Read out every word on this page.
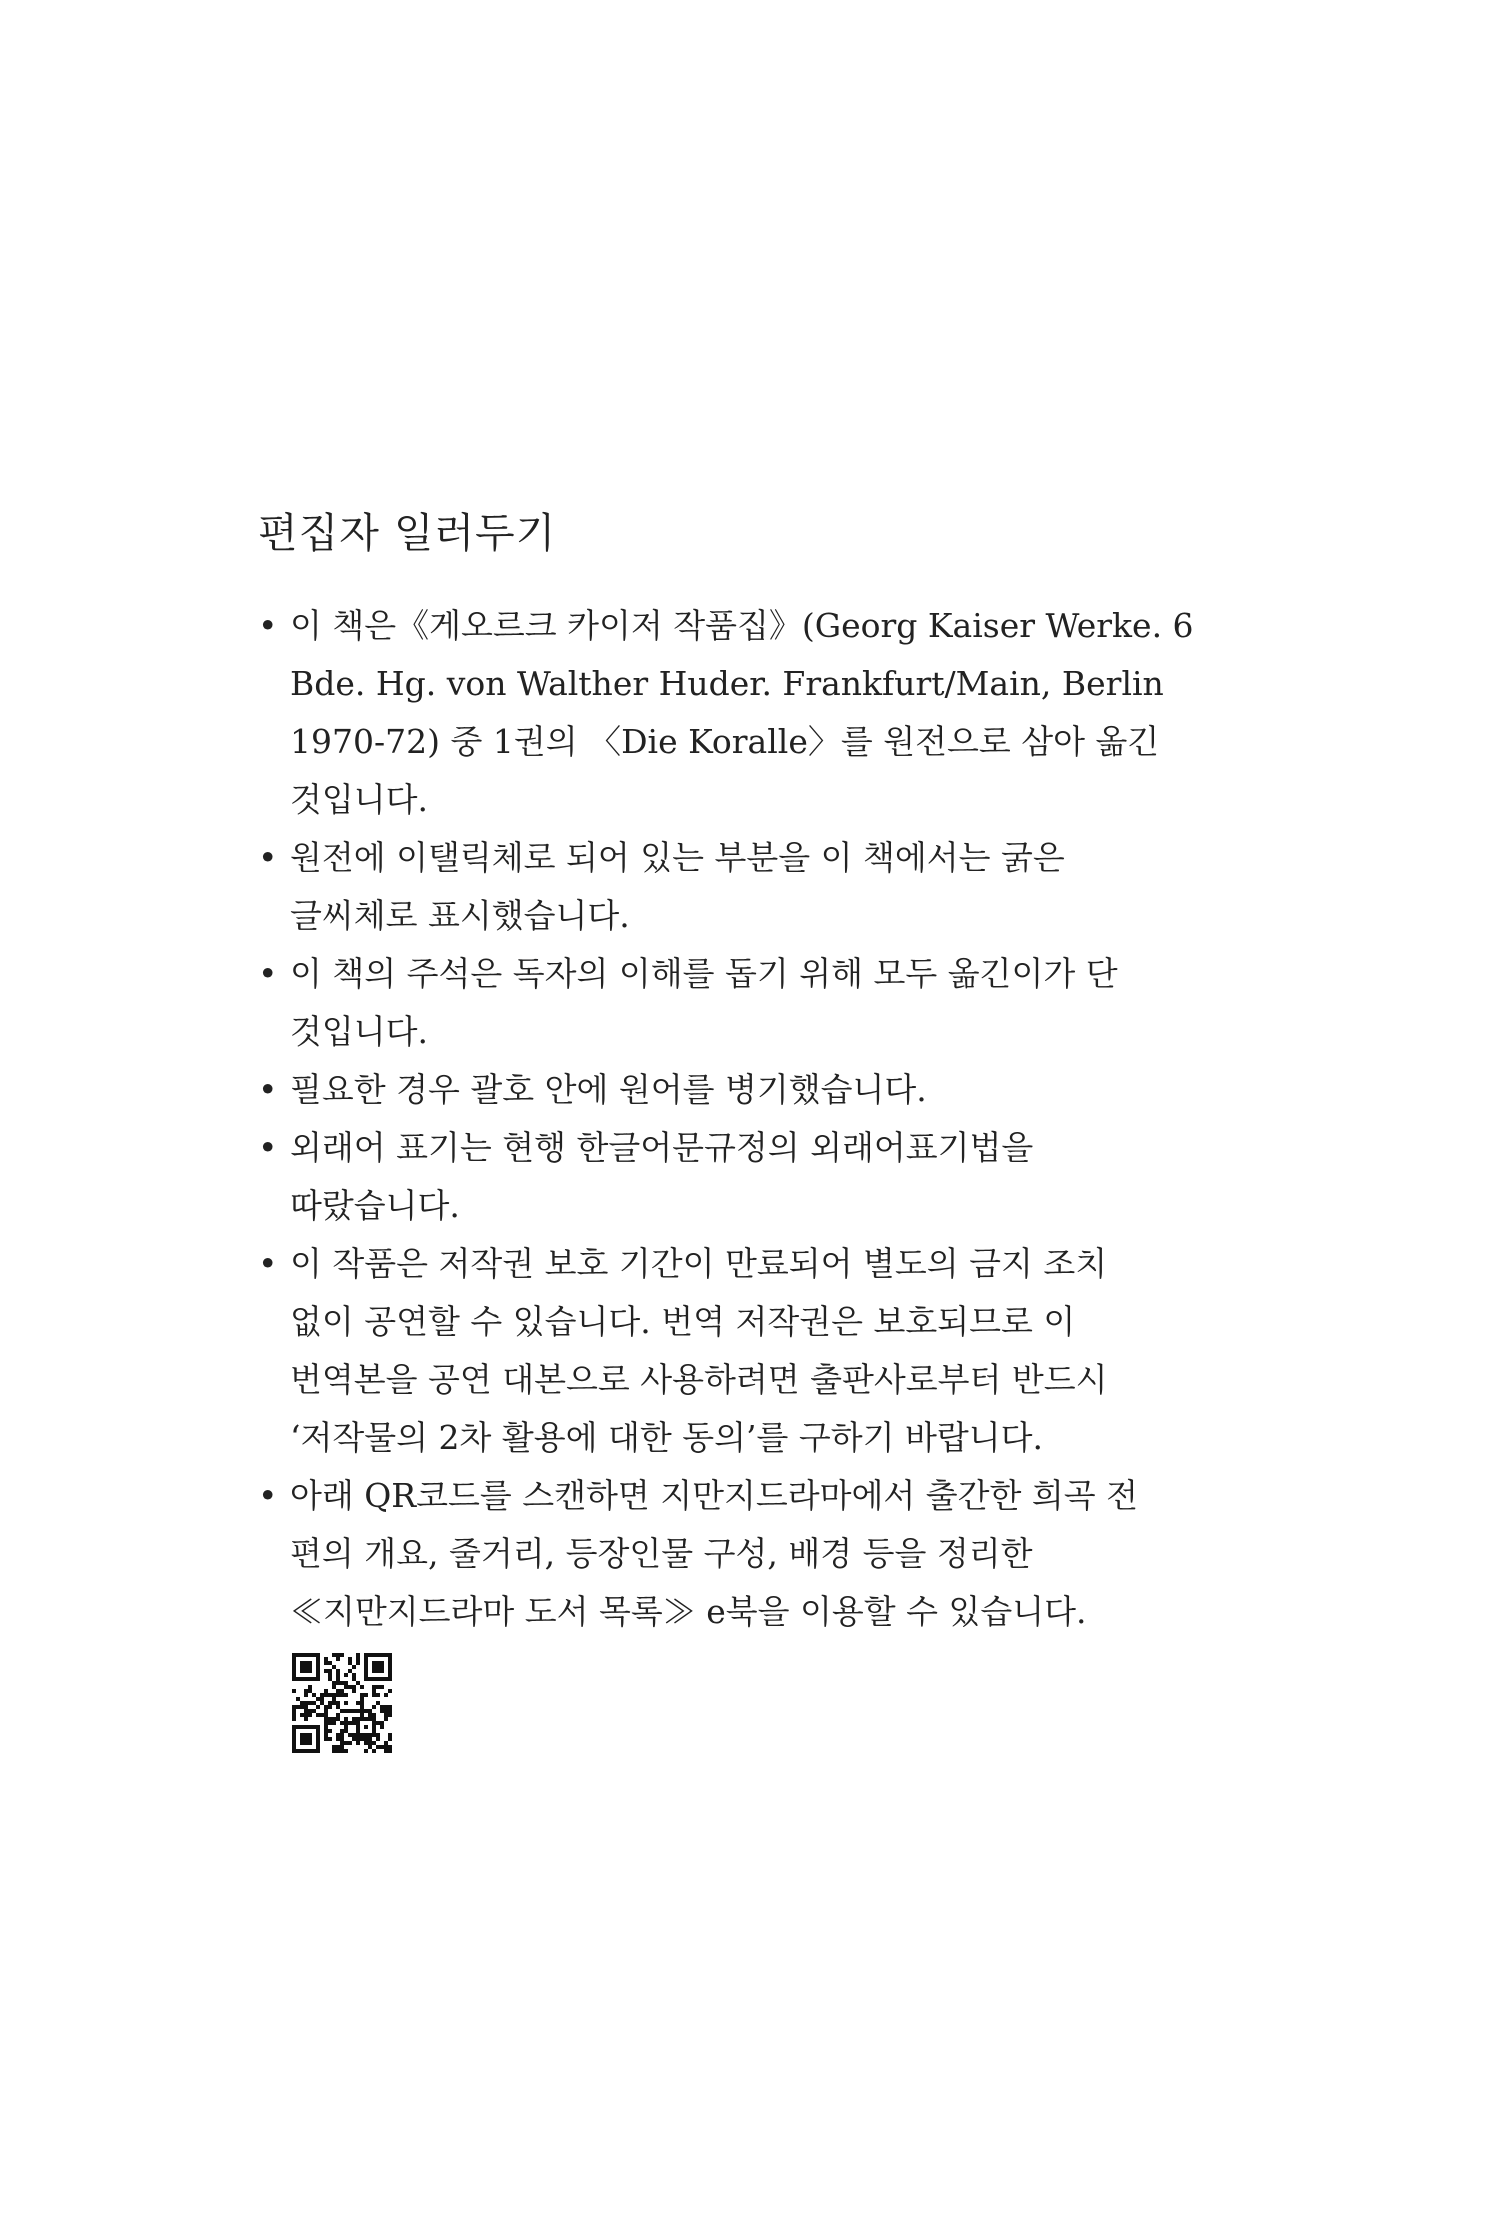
편집자 일러두기
• 이 책은《게오르크 카이저 작품집》(Georg Kaiser Werke. 6
Bde. Hg. von Walther Huder. Frankfurt/Main, Berlin
1970-72) 중 1권의 〈Die Koralle〉를 원전으로 삼아 옮긴
것입니다.
• 원전에 이탤릭체로 되어 있는 부분을 이 책에서는 굵은
글씨체로 표시했습니다.
• 이 책의 주석은 독자의 이해를 돕기 위해 모두 옮긴이가 단
것입니다.
• 필요한 경우 괄호 안에 원어를 병기했습니다.
• 외래어 표기는 현행 한글어문규정의 외래어표기법을
따랐습니다.
• 이 작품은 저작권 보호 기간이 만료되어 별도의 금지 조치
없이 공연할 수 있습니다. 번역 저작권은 보호되므로 이
번역본을 공연 대본으로 사용하려면 출판사로부터 반드시
‘저작물의 2차 활용에 대한 동의’를 구하기 바랍니다.
• 아래 QR코드를 스캔하면 지만지드라마에서 출간한 희곡 전
편의 개요, 줄거리, 등장인물 구성, 배경 등을 정리한
≪지만지드라마 도서 목록≫ e북을 이용할 수 있습니다.
